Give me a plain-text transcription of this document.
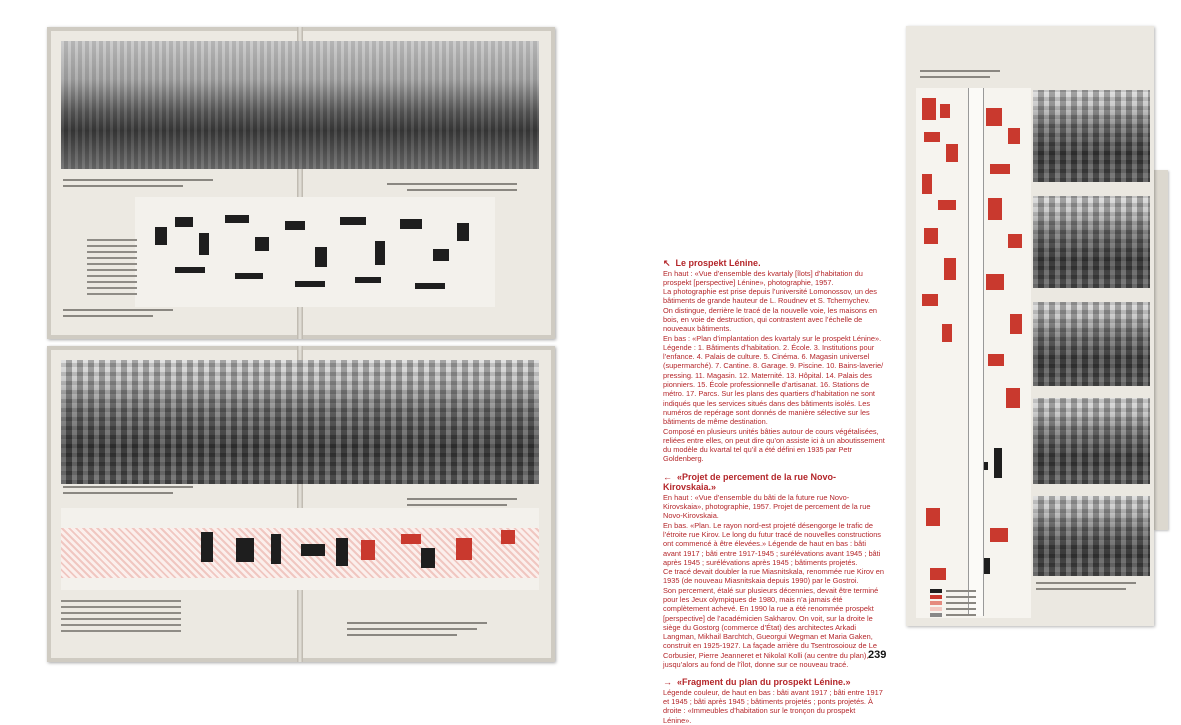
↖ Le prospekt Lénine.

En haut : «Vue d’ensemble des kvartaly [îlots] d’habitation du prospekt [perspective] Lénine», photographie, 1957.

La photographie est prise depuis l’université Lomonossov, un des bâtiments de grande hauteur de L. Roudnev et S. Tchernychev.

On distingue, derrière le tracé de la nouvelle voie, les maisons en bois, en voie de destruction, qui contrastent avec l’échelle de nouveaux bâtiments.

En bas : «Plan d’implantation des kvartaly sur le prospekt Lénine».

Légende : 1. Bâtiments d’habitation. 2. École. 3. Institutions pour l’enfance. 4. Palais de culture. 5. Cinéma. 6. Magasin universel (supermarché). 7. Cantine. 8. Garage. 9. Piscine. 10. Bains-laverie/ pressing. 11. Magasin. 12. Maternité. 13. Hôpital. 14. Palais des pionniers. 15. École professionnelle d’artisanat. 16. Stations de métro. 17. Parcs. Sur les plans des quartiers d’habitation ne sont indiqués que les services situés dans des bâtiments isolés. Les numéros de repérage sont donnés de manière sélective sur les bâtiments de même destination.

Composé en plusieurs unités bâties autour de cours végétalisées, reliées entre elles, on peut dire qu’on assiste ici à un aboutissement du modèle du kvartal tel qu’il a été défini en 1935 par Petr Goldenberg.

← «Projet de percement de la rue Novo-Kirovskaia.»

En haut : «Vue d’ensemble du bâti de la future rue Novo-Kirovskaia», photographie, 1957. Projet de percement de la rue Novo-Kirovskaia.

En bas. «Plan. Le rayon nord-est projeté désengorge le trafic de l’étroite rue Kirov. Le long du futur tracé de nouvelles constructions ont commencé à être élevées.» Légende de haut en bas : bâti avant 1917 ; bâti entre 1917-1945 ; surélévations avant 1945 ; bâti après 1945 ; surélévations après 1945 ; bâtiments projetés.

Ce tracé devait doubler la rue Miasnitskala, renommée rue Kirov en 1935 (de nouveau Miasnitskaia depuis 1990) par le Gostroi.

Son percement, étalé sur plusieurs décennies, devait être terminé pour les Jeux olympiques de 1980, mais n’a jamais été complètement achevé. En 1990 la rue a été renommée prospekt [perspective] de l’académicien Sakharov. On voit, sur la droite le siège du Gostorg (commerce d’État) des architectes Arkadi Langman, Mikhail Barchtch, Gueorgui Wegman et Maria Gaken, construit en 1925-1927. La façade arrière du Tsentrosoiouz de Le Corbusier, Pierre Jeanneret et Nikolaï Kolli (au centre du plan), jusqu’alors au fond de l’îlot, donne sur ce nouveau tracé.

→ «Fragment du plan du prospekt Lénine.»

Légende couleur, de haut en bas : bâti avant 1917 ; bâti entre 1917 et 1945 ; bâti après 1945 ; bâtiments projetés ; ponts projetés. À droite : «Immeubles d’habitation sur le tronçon du prospekt Lénine».

239
